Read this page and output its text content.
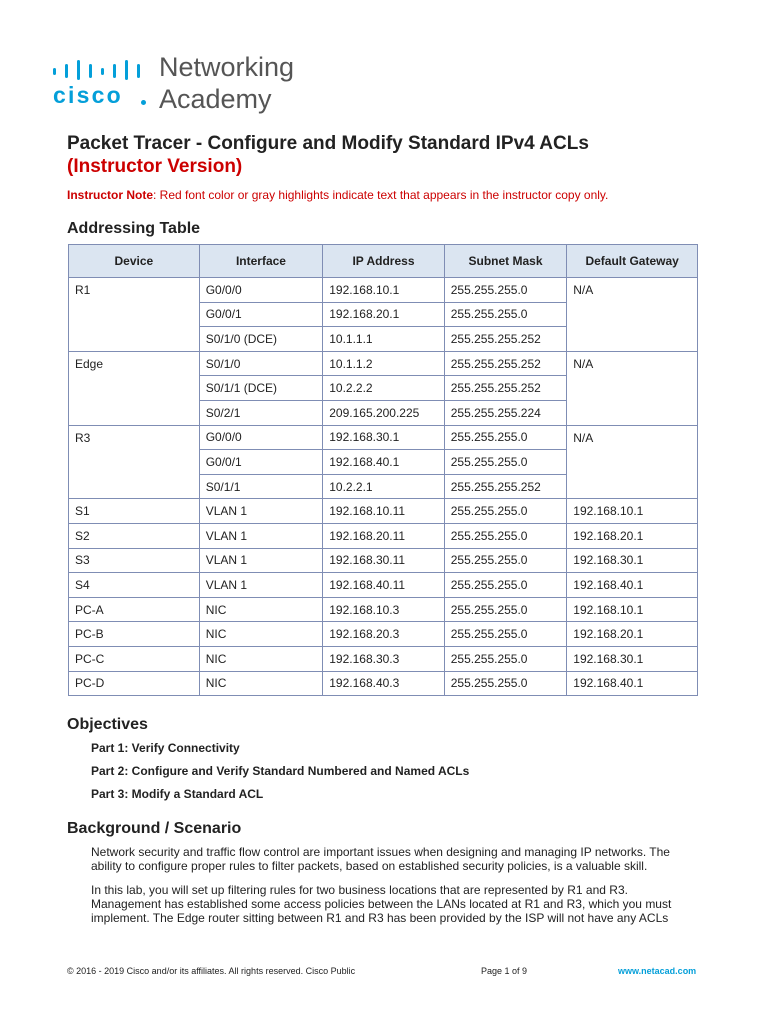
cisco
Networking
Academy
Packet Tracer - Configure and Modify Standard IPv4 ACLs
(Instructor Version)
Instructor Note: Red font color or gray highlights indicate text that appears in the instructor copy only.
Addressing Table
Device	Interface	IP Address	Subnet Mask	Default Gateway
R1	G0/0/0	192.168.10.1	255.255.255.0	N/A
	G0/0/1	192.168.20.1	255.255.255.0	
	S0/1/0 (DCE)	10.1.1.1	255.255.255.252	
Edge	S0/1/0	10.1.1.2	255.255.255.252	N/A
	S0/1/1 (DCE)	10.2.2.2	255.255.255.252	
	S0/2/1	209.165.200.225	255.255.255.224	
R3	G0/0/0	192.168.30.1	255.255.255.0	N/A
	G0/0/1	192.168.40.1	255.255.255.0	
	S0/1/1	10.2.2.1	255.255.255.252	
S1	VLAN 1	192.168.10.11	255.255.255.0	192.168.10.1
S2	VLAN 1	192.168.20.11	255.255.255.0	192.168.20.1
S3	VLAN 1	192.168.30.11	255.255.255.0	192.168.30.1
S4	VLAN 1	192.168.40.11	255.255.255.0	192.168.40.1
PC-A	NIC	192.168.10.3	255.255.255.0	192.168.10.1
PC-B	NIC	192.168.20.3	255.255.255.0	192.168.20.1
PC-C	NIC	192.168.30.3	255.255.255.0	192.168.30.1
PC-D	NIC	192.168.40.3	255.255.255.0	192.168.40.1
Objectives
Part 1: Verify Connectivity
Part 2: Configure and Verify Standard Numbered and Named ACLs
Part 3: Modify a Standard ACL
Background / Scenario

Network security and traffic flow control are important issues when designing and managing IP networks. The ability to configure proper rules to filter packets, based on established security policies, is a valuable skill.

In this lab, you will set up filtering rules for two business locations that are represented by R1 and R3. Management has established some access policies between the LANs located at R1 and R3, which you must implement. The Edge router sitting between R1 and R3 has been provided by the ISP will not have any ACLs

© 2016 - 2019 Cisco and/or its affiliates. All rights reserved. Cisco Public	Page 1 of 9	www.netacad.com
